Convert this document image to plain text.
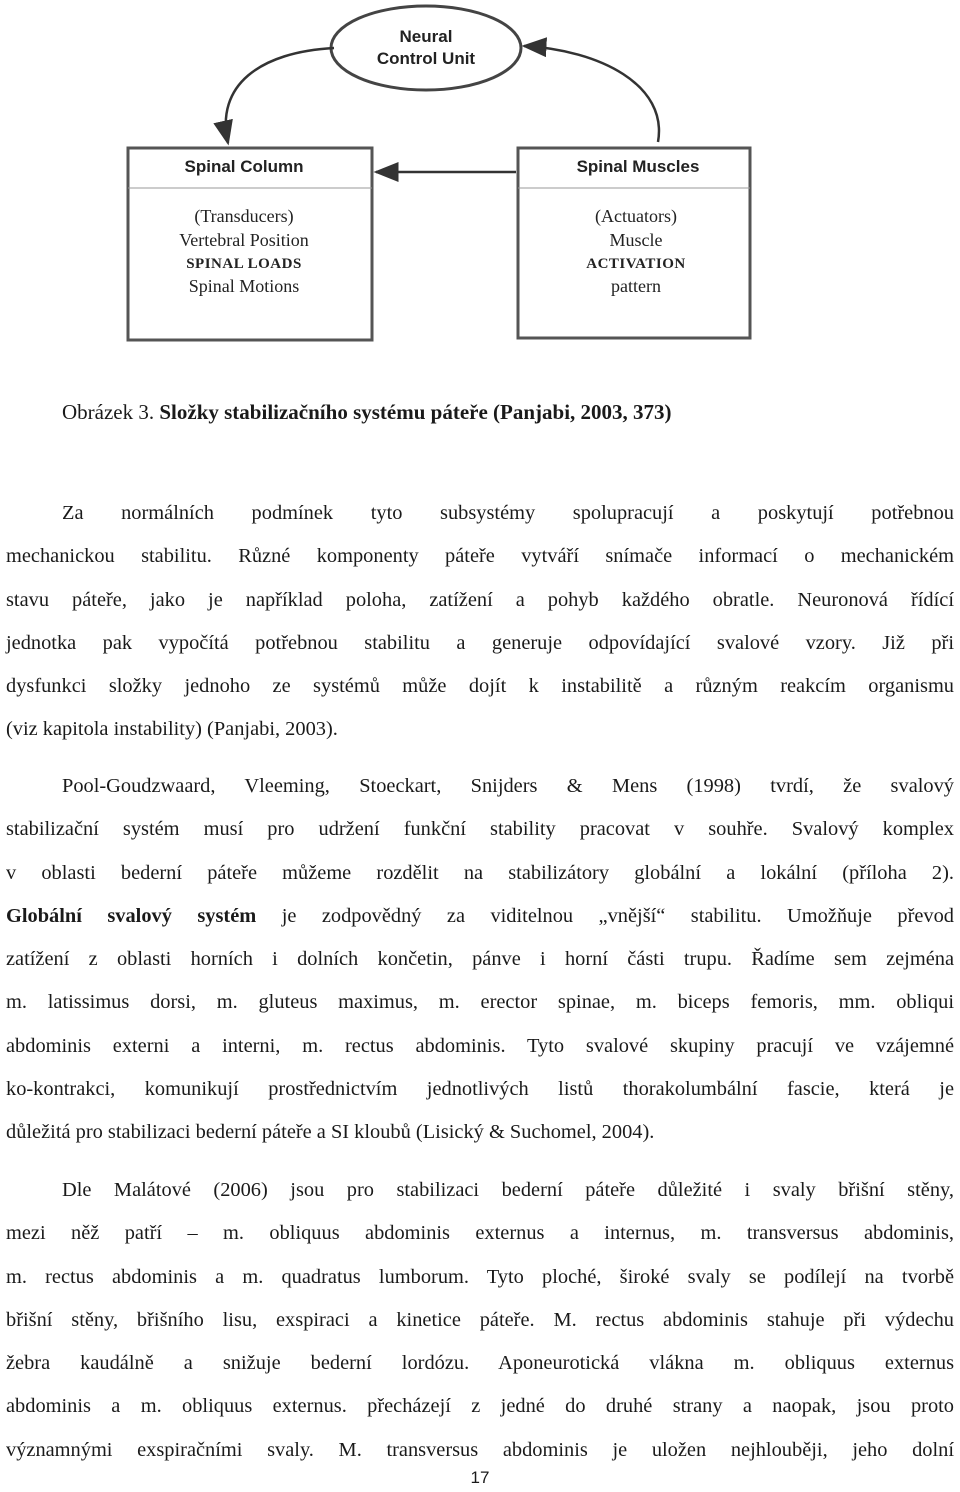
Neural
Control Unit
Spinal Column
(Transducers)
Vertebral Position
SPINAL LOADS
Spinal Motions
Spinal Muscles
(Actuators)
Muscle
ACTIVATION
pattern
Obrázek 3. Složky stabilizačního systému páteře (Panjabi, 2003, 373)
Za normálních podmínek tyto subsystémy spolupracují a poskytují potřebnou
mechanickou stabilitu. Různé komponenty páteře vytváří snímače informací o mechanickém
stavu páteře, jako je například poloha, zatížení a pohyb každého obratle. Neuronová řídící
jednotka pak vypočítá potřebnou stabilitu a generuje odpovídající svalové vzory. Již při
dysfunkci složky jednoho ze systémů může dojít k instabilitě a různým reakcím organismu
(viz kapitola instability) (Panjabi, 2003).
Pool-Goudzwaard, Vleeming, Stoeckart, Snijders & Mens (1998) tvrdí, že svalový
stabilizační systém musí pro udržení funkční stability pracovat v souhře. Svalový komplex
v oblasti bederní páteře můžeme rozdělit na stabilizátory globální a lokální (příloha 2).
Globální svalový systém je zodpovědný za viditelnou „vnější“ stabilitu. Umožňuje převod
zatížení z oblasti horních i dolních končetin, pánve i horní části trupu. Řadíme sem zejména
m. latissimus dorsi, m. gluteus maximus, m. erector spinae, m. biceps femoris, mm. obliqui
abdominis externi a interni, m. rectus abdominis. Tyto svalové skupiny pracují ve vzájemné
ko-kontrakci, komunikují prostřednictvím jednotlivých listů thorakolumbální fascie, která je
důležitá pro stabilizaci bederní páteře a SI kloubů (Lisický & Suchomel, 2004).
Dle Malátové (2006) jsou pro stabilizaci bederní páteře důležité i svaly břišní stěny,
mezi něž patří – m. obliquus abdominis externus a internus, m. transversus abdominis,
m. rectus abdominis a m. quadratus lumborum. Tyto ploché, široké svaly se podílejí na tvorbě
břišní stěny, břišního lisu, exspiraci a kinetice páteře. M. rectus abdominis stahuje při výdechu
žebra kaudálně a snižuje bederní lordózu. Aponeurotická vlákna m. obliquus externus
abdominis a m. obliquus externus. přecházejí z jedné do druhé strany a naopak, jsou proto
významnými exspiračními svaly. M. transversus abdominis je uložen nejhlouběji, jeho dolní
17
